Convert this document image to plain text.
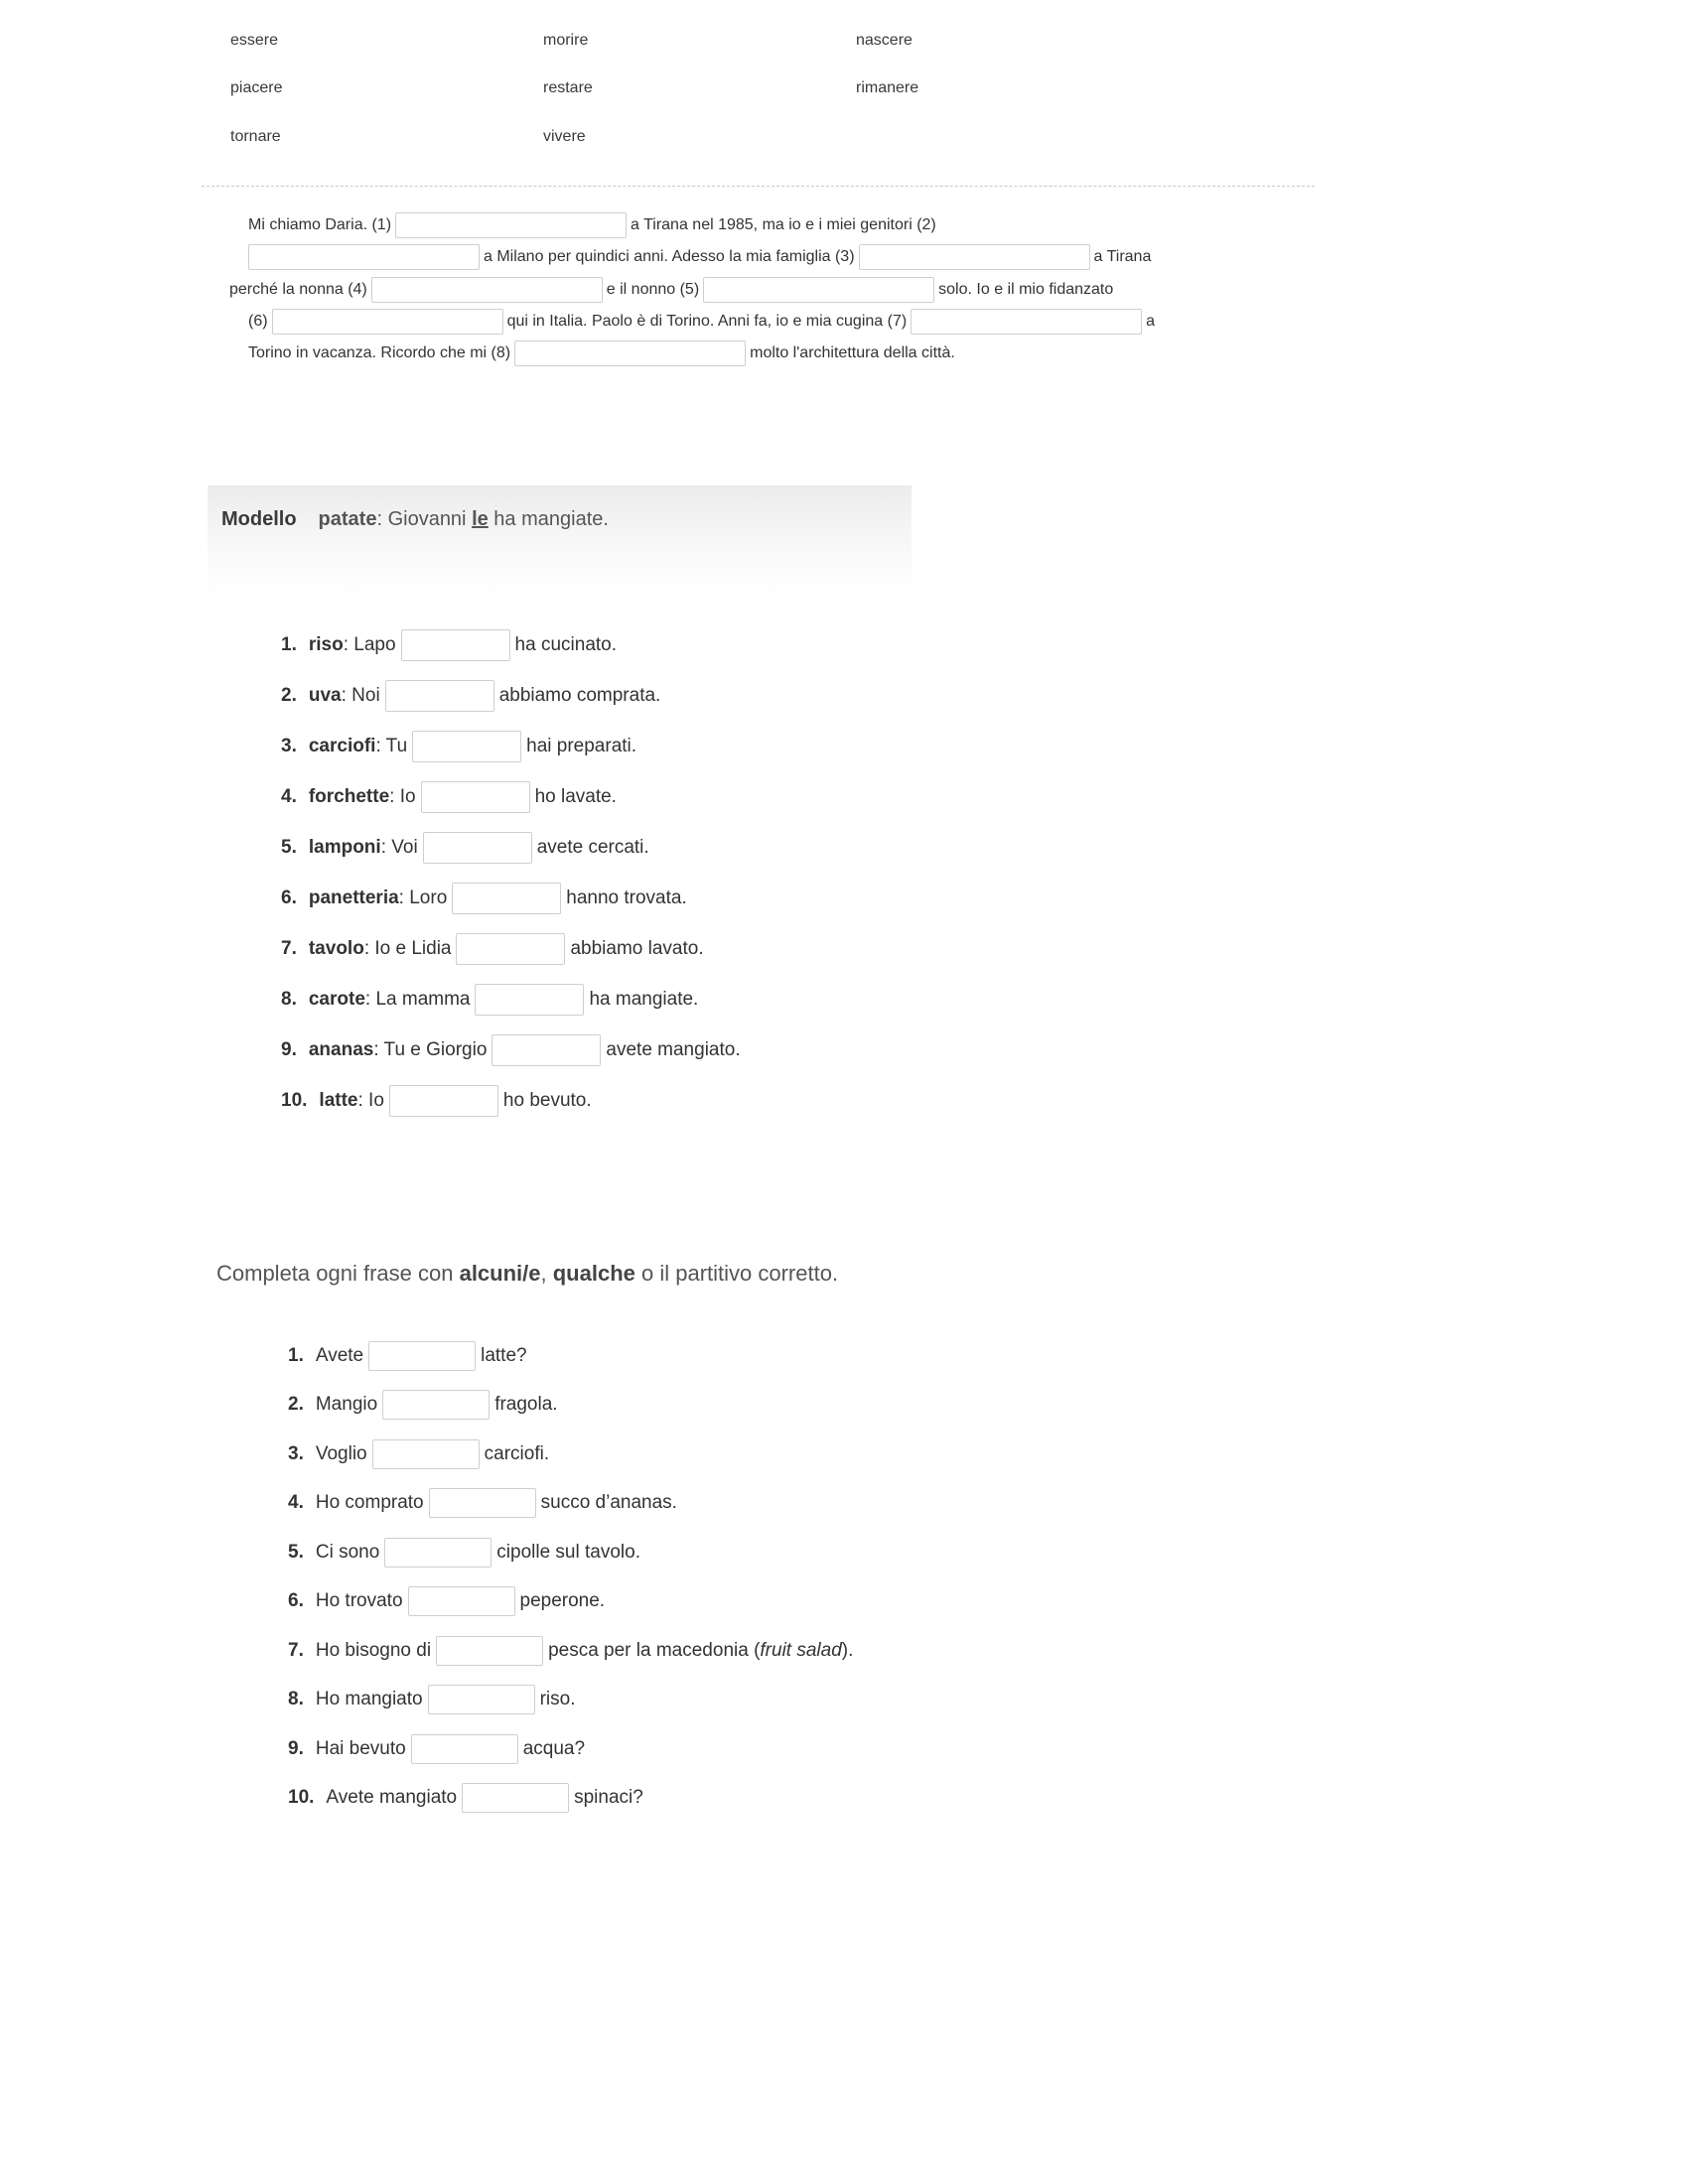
essere	morire	nascere
piacere	restare	rimanere
tornare	vivere
Mi chiamo Daria. (1)	a Tirana nel 1985, ma io e i miei genitori (2)
a Milano per quindici anni. Adesso la mia famiglia (3)	a Tirana
perché la nonna (4)	e il nonno (5)	solo. Io e il mio fidanzato
(6)	qui in Italia. Paolo è di Torino. Anni fa, io e mia cugina (7)	a
Torino in vacanza. Ricordo che mi (8)	molto l'architettura della città.
Modello patate: Giovanni le ha mangiate.
1. riso : Lapo	ha cucinato.
2. uva : Noi	abbiamo comprata.
3. carciofi : Tu	hai preparati.
4. forchette : Io	ho lavate.
5. lamponi : Voi	avete cercati.
6. panetteria : Loro	hanno trovata.
7. tavolo : Io e Lidia	abbiamo lavato.
8. carote : La mamma	ha mangiate.
9. ananas : Tu e Giorgio	avete mangiato.
10. latte : Io	ho bevuto.
Completa ogni frase con alcuni/e, qualche o il partitivo corretto.
1. Avete	latte?
2. Mangio	fragola.
3. Voglio	carciofi.
4. Ho comprato	succo d’ananas.
5. Ci sono	cipolle sul tavolo.
6. Ho trovato	peperone.
7. Ho bisogno di	pesca per la macedonia (fruit salad).
8. Ho mangiato	riso.
9. Hai bevuto	acqua?
10. Avete mangiato	spinaci?
